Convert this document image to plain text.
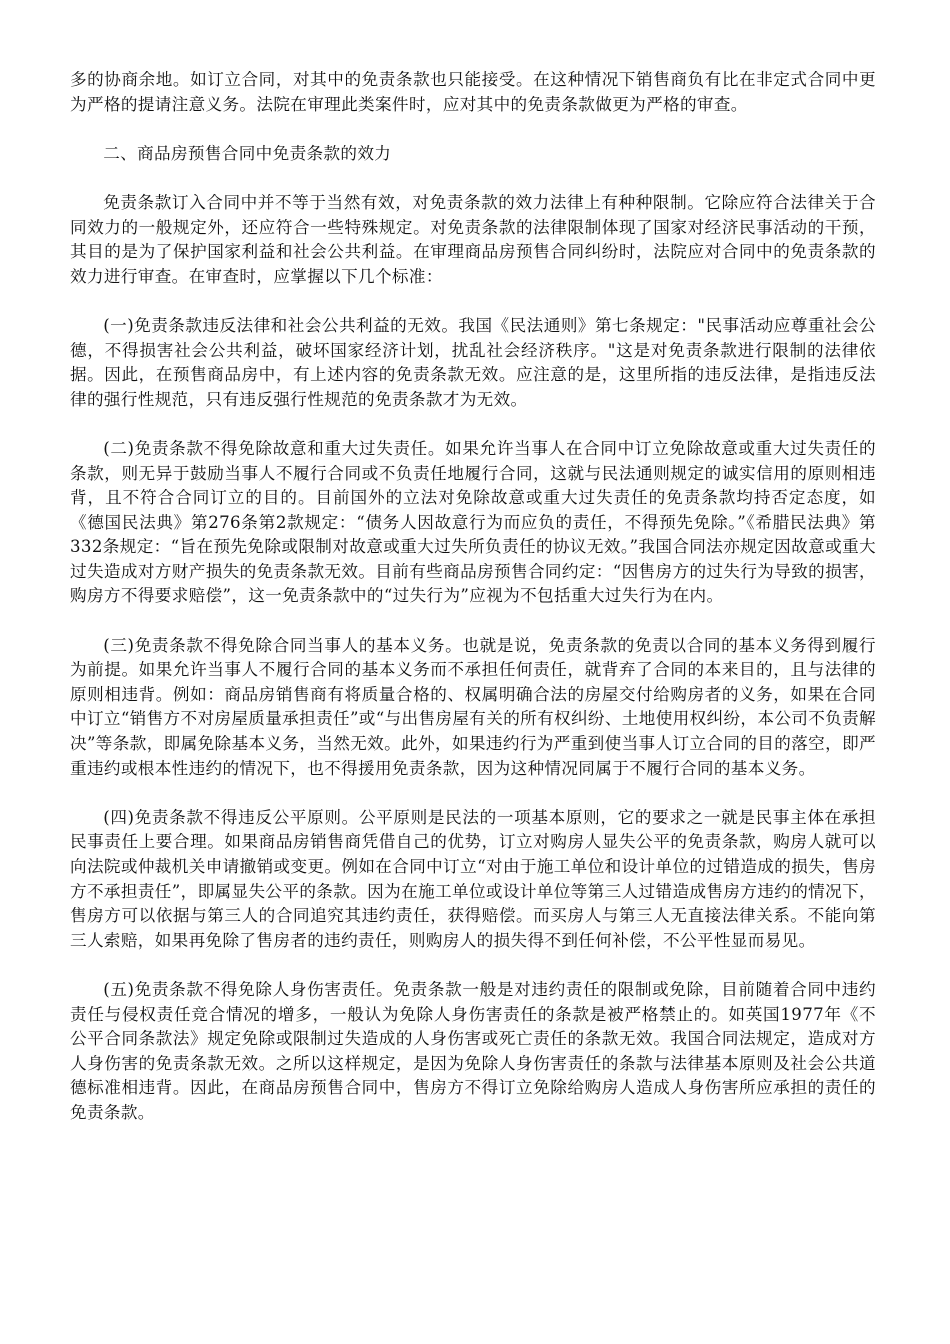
多的协商余地。如订立合同，对其中的免责条款也只能接受。在这种情况下销售商负有比在非定式合同中更为严格的提请注意义务。法院在审理此类案件时，应对其中的免责条款做更为严格的审查。

二、商品房预售合同中免责条款的效力

免责条款订入合同中并不等于当然有效，对免责条款的效力法律上有种种限制。它除应符合法律关于合同效力的一般规定外，还应符合一些特殊规定。对免责条款的法律限制体现了国家对经济民事活动的干预，其目的是为了保护国家利益和社会公共利益。在审理商品房预售合同纠纷时，法院应对合同中的免责条款的效力进行审查。在审查时，应掌握以下几个标准：

(一)免责条款违反法律和社会公共利益的无效。我国《民法通则》第七条规定："民事活动应尊重社会公德，不得损害社会公共利益，破坏国家经济计划，扰乱社会经济秩序。"这是对免责条款进行限制的法律依据。因此，在预售商品房中，有上述内容的免责条款无效。应注意的是，这里所指的违反法律，是指违反法律的强行性规范，只有违反强行性规范的免责条款才为无效。

(二)免责条款不得免除故意和重大过失责任。如果允许当事人在合同中订立免除故意或重大过失责任的条款，则无异于鼓励当事人不履行合同或不负责任地履行合同，这就与民法通则规定的诚实信用的原则相违背，且不符合合同订立的目的。目前国外的立法对免除故意或重大过失责任的免责条款均持否定态度，如《德国民法典》第276条第2款规定：“债务人因故意行为而应负的责任，不得预先免除。”《希腊民法典》第332条规定：“旨在预先免除或限制对故意或重大过失所负责任的协议无效。”我国合同法亦规定因故意或重大过失造成对方财产损失的免责条款无效。目前有些商品房预售合同约定：“因售房方的过失行为导致的损害，购房方不得要求赔偿”，这一免责条款中的“过失行为”应视为不包括重大过失行为在内。

(三)免责条款不得免除合同当事人的基本义务。也就是说，免责条款的免责以合同的基本义务得到履行为前提。如果允许当事人不履行合同的基本义务而不承担任何责任，就背弃了合同的本来目的，且与法律的原则相违背。例如：商品房销售商有将质量合格的、权属明确合法的房屋交付给购房者的义务，如果在合同中订立“销售方不对房屋质量承担责任”或“与出售房屋有关的所有权纠纷、土地使用权纠纷，本公司不负责解决”等条款，即属免除基本义务，当然无效。此外，如果违约行为严重到使当事人订立合同的目的落空，即严重违约或根本性违约的情况下，也不得援用免责条款，因为这种情况同属于不履行合同的基本义务。

(四)免责条款不得违反公平原则。公平原则是民法的一项基本原则，它的要求之一就是民事主体在承担民事责任上要合理。如果商品房销售商凭借自己的优势，订立对购房人显失公平的免责条款，购房人就可以向法院或仲裁机关申请撤销或变更。例如在合同中订立“对由于施工单位和设计单位的过错造成的损失，售房方不承担责任”，即属显失公平的条款。因为在施工单位或设计单位等第三人过错造成售房方违约的情况下，售房方可以依据与第三人的合同追究其违约责任，获得赔偿。而买房人与第三人无直接法律关系。不能向第三人索赔，如果再免除了售房者的违约责任，则购房人的损失得不到任何补偿，不公平性显而易见。

(五)免责条款不得免除人身伤害责任。免责条款一般是对违约责任的限制或免除，目前随着合同中违约责任与侵权责任竞合情况的增多，一般认为免除人身伤害责任的条款是被严格禁止的。如英国1977年《不公平合同条款法》规定免除或限制过失造成的人身伤害或死亡责任的条款无效。我国合同法规定，造成对方人身伤害的免责条款无效。之所以这样规定，是因为免除人身伤害责任的条款与法律基本原则及社会公共道德标准相违背。因此，在商品房预售合同中，售房方不得订立免除给购房人造成人身伤害所应承担的责任的免责条款。
